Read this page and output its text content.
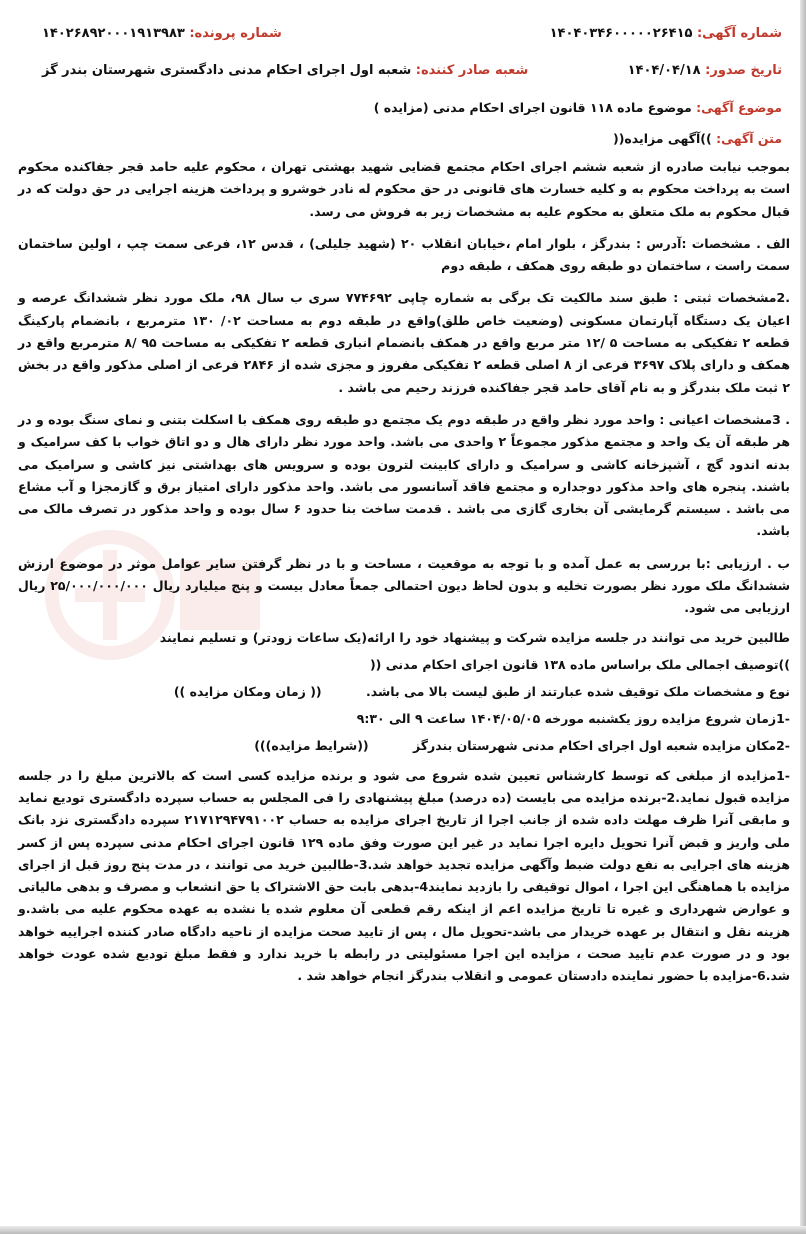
شماره آگهی: ۱۴۰۴۰۳۴۶۰۰۰۰۰۲۶۴۱۵
شماره پرونده: ۱۴۰۲۶۸۹۲۰۰۰۱۹۱۳۹۸۳
تاریخ صدور: ۱۴۰۴/۰۴/۱۸
شعبه صادر کننده: شعبه اول اجرای احکام مدنی دادگستری شهرستان بندر گز
موضوع آگهی: موضوع ماده ۱۱۸ قانون اجرای احکام مدنی (مزایده )
متن آگهی: ))آگهی مزایده((

بموجب نیابت صادره از شعبه ششم اجرای احکام مجتمع قضایی شهید بهشتی تهران ، محکوم علیه حامد قجر جفاکنده محکوم است به پرداخت محکوم به و کلیه خسارت های قانونی در حق محکوم له نادر خوشرو و پرداخت هزینه اجرایی در حق دولت که در قبال محکوم به ملک متعلق به محکوم علیه به مشخصات زیر به فروش می رسد.

الف . مشخصات :آدرس : بندرگز ، بلوار امام ،خیابان انقلاب ۲۰ (شهید جلیلی) ، قدس ۱۲، فرعی سمت چپ ، اولین ساختمان سمت راست ، ساختمان دو طبقه روی همکف ، طبقه دوم

.2مشخصات ثبتی : طبق سند مالکیت تک برگی به شماره چاپی ۷۷۴۶۹۲ سری ب سال ۹۸، ملک مورد نظر ششدانگ عرصه و اعیان یک دستگاه آپارتمان مسکونی (وضعیت خاص طلق)واقع در طبقه دوم به مساحت ۰۲/ ۱۳۰ مترمربع ، بانضمام پارکینگ قطعه ۲ تفکیکی به مساحت ۵ /۱۲ متر مربع واقع در همکف بانضمام انباری قطعه ۲ تفکیکی به مساحت ۹۵ /۸ مترمربع واقع در همکف و دارای پلاک ۳۶۹۷ فرعی از ۸ اصلی قطعه ۲ تفکیکی مفروز و مجزی شده از ۲۸۴۶ فرعی از اصلی مذکور واقع در بخش ۲ ثبت ملک بندرگز و به نام آقای حامد قجر جفاکنده فرزند رحیم می باشد .

. 3مشخصات اعیانی : واحد مورد نظر واقع در طبقه دوم یک مجتمع دو طبقه روی همکف با اسکلت بتنی و نمای سنگ بوده و در هر طبقه آن یک واحد و مجتمع مذکور مجموعاً ۲ واحدی می باشد. واحد مورد نظر دارای هال و دو اتاق خواب با کف سرامیک و بدنه اندود گچ ، آشپزخانه کاشی و سرامیک و دارای کابینت لترون بوده و سرویس های بهداشتی نیز کاشی و سرامیک می باشند. پنجره های واحد مذکور دوجداره و مجتمع فاقد آسانسور می باشد. واحد مذکور دارای امتیاز برق و گازمجزا و آب مشاع می باشد . سیستم گرمایشی آن بخاری گازی می باشد . قدمت ساخت بنا حدود ۶ سال بوده و واحد مذکور در تصرف مالک می باشد.

ب . ارزیابی :با بررسی به عمل آمده و با توجه به موقعیت ، مساحت و با در نظر گرفتن سایر عوامل موثر در موضوع ارزش ششدانگ ملک مورد نظر بصورت تخلیه و بدون لحاظ دیون احتمالی جمعاً معادل بیست و پنج میلیارد ریال ۲۵/۰۰۰/۰۰۰/۰۰۰ ریال ارزیابی می شود.

طالبین خرید می توانند در جلسه مزایده شرکت و پیشنهاد خود را ارائه(یک ساعات زودتر) و تسلیم نمایند

))توصیف اجمالی ملک براساس ماده ۱۳۸ قانون اجرای احکام مدنی ((

نوع و مشخصات ملک توقیف شده عبارتند از طبق لیست بالا می باشد. (( زمان ومکان مزایده ))

-1زمان شروع مزایده روز یکشنبه مورخه ۱۴۰۴/۰۵/۰۵ ساعت ۹ الی ۹:۳۰

-2مکان مزایده شعبه اول اجرای احکام مدنی شهرستان بندرگز ((شرایط مزایده)))

-1مزایده از مبلغی که توسط کارشناس تعیین شده شروع می شود و برنده مزایده کسی است که بالاترین مبلغ را در جلسه مزایده قبول نماید.2-برنده مزایده می بایست (ده درصد) مبلغ پیشنهادی را فی المجلس به حساب سپرده دادگستری تودیع نماید و مابقی آنرا ظرف مهلت داده شده از جانب اجرا از تاریخ اجرای مزایده به حساب ۲۱۷۱۲۹۴۷۹۱۰۰۲ سپرده دادگستری نزد بانک ملی واریز و قبض آنرا تحویل دایره اجرا نماید در غیر این صورت وفق ماده ۱۲۹ قانون اجرای احکام مدنی سپرده پس از کسر هزینه های اجرایی به نفع دولت ضبط وآگهی مزایده تجدید خواهد شد.3-طالبین خرید می توانند ، در مدت پنج روز قبل از اجرای مزایده با هماهنگی این اجرا ، اموال توقیفی را بازدید نمایند4-بدهی بابت حق الاشتراک یا حق انشعاب و مصرف و بدهی مالیاتی و عوارض شهرداری و غیره تا تاریخ مزایده اعم از اینکه رقم قطعی آن معلوم شده یا نشده به عهده محکوم علیه می باشد.و هزینه نقل و انتقال بر عهده خریدار می باشد-تحویل مال ، پس از تایید صحت مزایده از ناحیه دادگاه صادر کننده اجراییه خواهد بود و در صورت عدم تایید صحت ، مزایده این اجرا مسئولیتی در رابطه با خرید ندارد و فقط مبلغ تودیع شده عودت خواهد شد.6-مزایده با حضور نماینده دادستان عمومی و انقلاب بندرگز انجام خواهد شد .
